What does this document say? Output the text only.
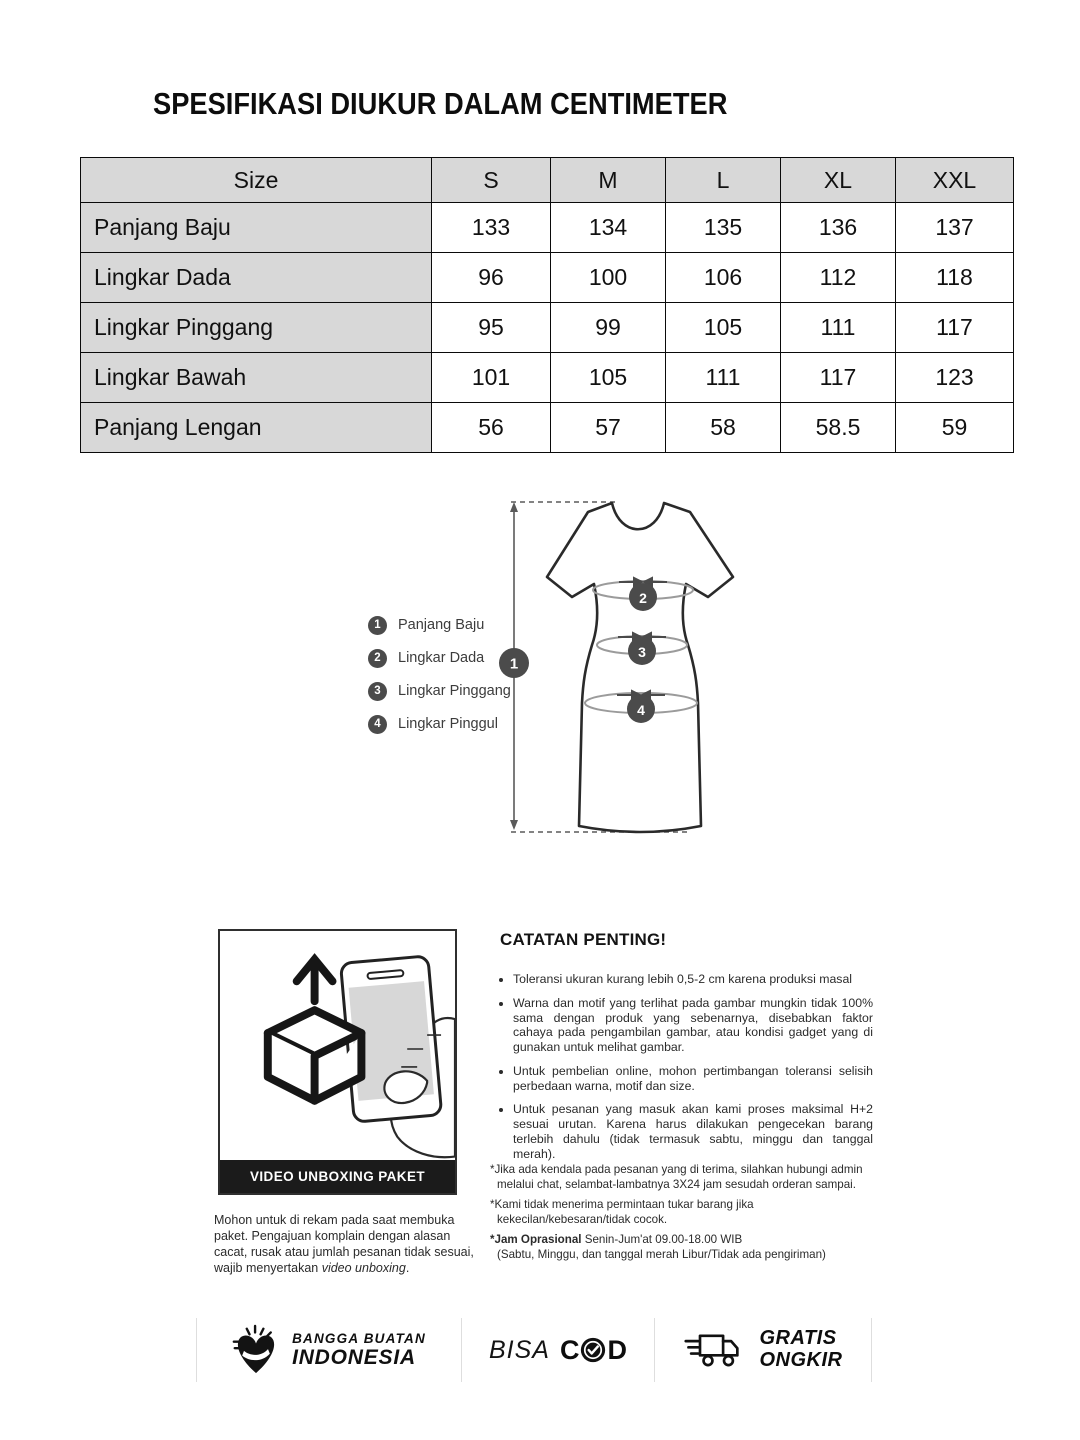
SPESIFIKASI DIUKUR DALAM CENTIMETER
Size	S	M	L	XL	XXL
Panjang Baju	133	134	135	136	137
Lingkar Dada	96	100	106	112	118
Lingkar Pinggang	95	99	105	111	117
Lingkar Bawah	101	105	111	117	123
Panjang Lengan	56	57	58	58.5	59
1
2
3
4
1	Panjang Baju
2	Lingkar Dada
3	Lingkar Pinggang
4	Lingkar Pinggul
VIDEO UNBOXING PAKET

Mohon untuk di rekam pada saat membuka paket. Pengajuan komplain dengan alasan cacat, rusak atau jumlah pesanan tidak sesuai, wajib menyertakan video unboxing.

CATATAN PENTING!
• Toleransi ukuran kurang lebih 0,5-2 cm karena produksi masal
• Warna dan motif yang terlihat pada gambar mungkin tidak 100% sama dengan produk yang sebenarnya, disebabkan faktor cahaya pada pengambilan gambar, atau kondisi gadget yang di gunakan untuk melihat gambar.
• Untuk pembelian online, mohon pertimbangan toleransi selisih perbedaan warna, motif dan size.
• Untuk pesanan yang masuk akan kami proses maksimal H+2 sesuai urutan. Karena harus dilakukan pengecekan barang terlebih dahulu (tidak termasuk sabtu, minggu dan tanggal merah).

*Jika ada kendala pada pesanan yang di terima, silahkan hubungi admin melalui chat, selambat-lambatnya 3X24 jam sesudah orderan sampai.

*Kami tidak menerima permintaan tukar barang jika kekecilan/kebesaran/tidak cocok.

*Jam Oprasional Senin-Jum'at 09.00-18.00 WIB
(Sabtu, Minggu, dan tanggal merah Libur/Tidak ada pengiriman)

BANGGA BUATAN
INDONESIA	BISA C D	GRATIS
ONGKIR
